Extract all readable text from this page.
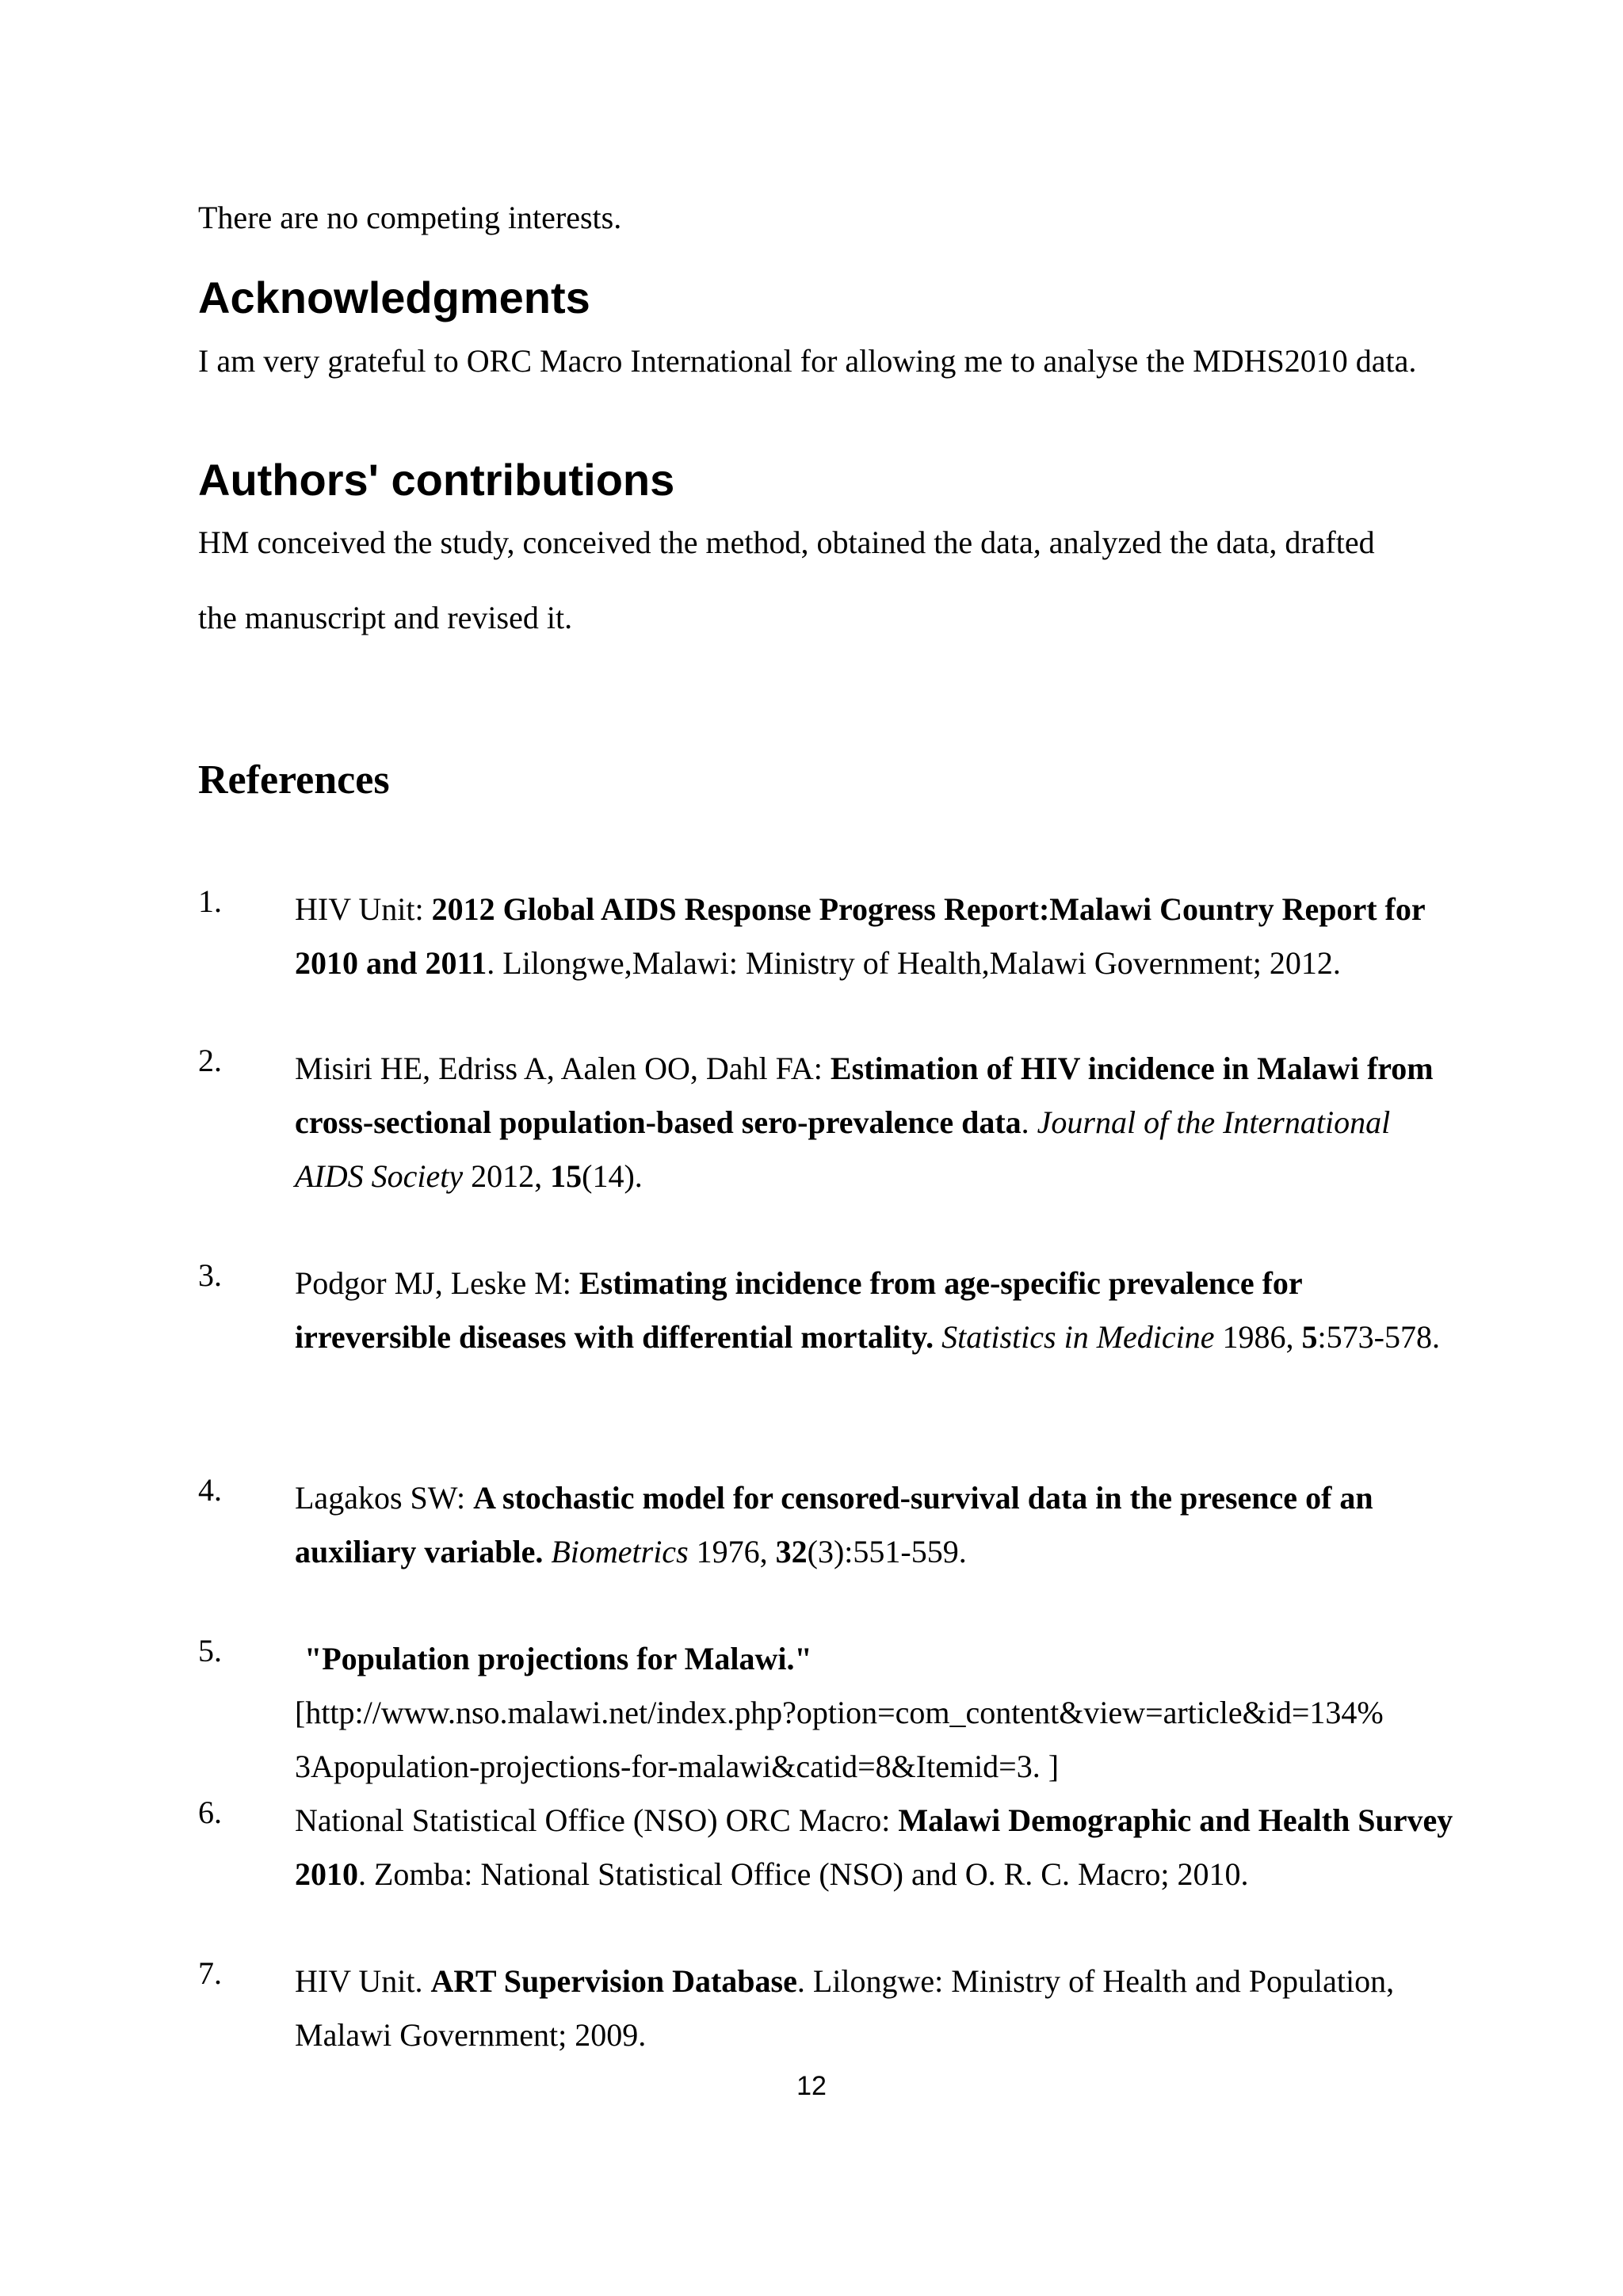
There are no competing interests.

Acknowledgments

I am very grateful to ORC Macro International for allowing me to analyse the MDHS2010 data.

Authors' contributions

HM conceived the study, conceived the method, obtained the data, analyzed the data, drafted

the manuscript and revised it.

References
1.	HIV Unit: 2012 Global AIDS Response Progress Report:Malawi Country Report for 2010 and 2011. Lilongwe,Malawi: Ministry of Health,Malawi Government; 2012.
2.	Misiri HE, Edriss A, Aalen OO, Dahl FA: Estimation of HIV incidence in Malawi from cross-sectional population-based sero-prevalence data. Journal of the International AIDS Society 2012, 15(14).
3.	Podgor MJ, Leske M: Estimating incidence from age-specific prevalence for irreversible diseases with differential mortality. Statistics in Medicine 1986, 5:573-578.
4.	Lagakos SW: A stochastic model for censored-survival data in the presence of an auxiliary variable. Biometrics 1976, 32(3):551-559.
5.	"Population projections for Malawi."
[http://www.nso.malawi.net/index.php?option=com_content&view=article&id=134%
3Apopulation-projections-for-malawi&catid=8&Itemid=3. ]
6.	National Statistical Office (NSO) ORC Macro: Malawi Demographic and Health Survey 2010. Zomba: National Statistical Office (NSO) and O. R. C. Macro; 2010.
7.	HIV Unit. ART Supervision Database. Lilongwe: Ministry of Health and Population, Malawi Government; 2009.
12
